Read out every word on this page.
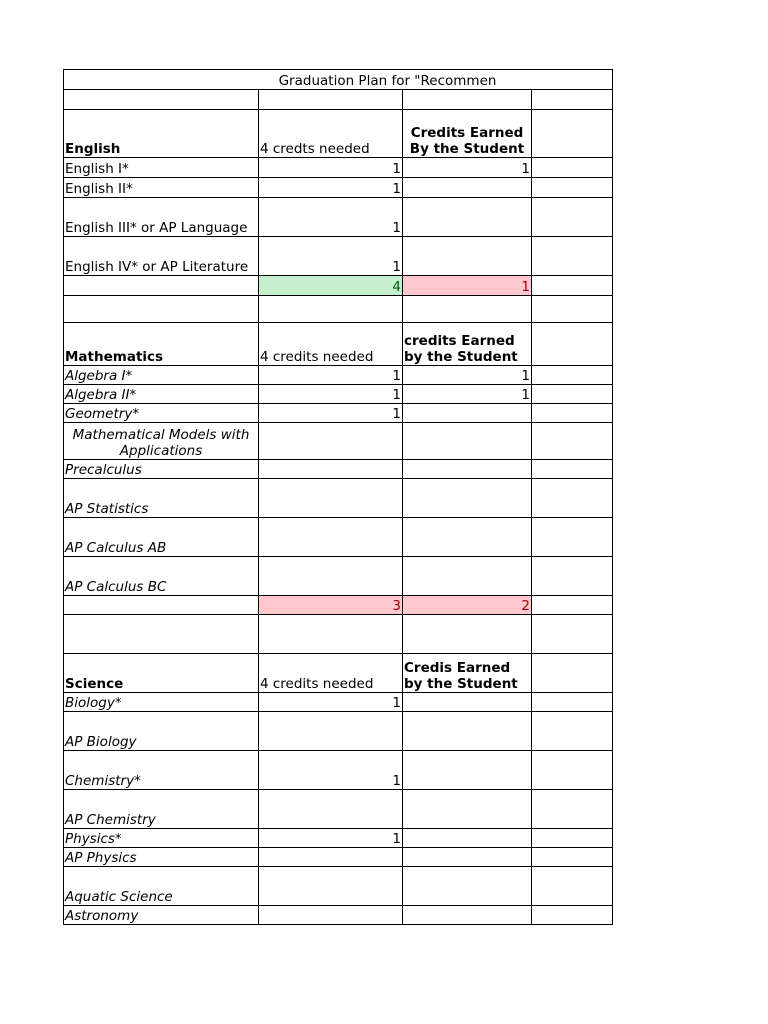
Graduation Plan for "Recommen			

English	4 credts needed	Credits Earned By the Student	
English I*	1	1	
English II*	1		
English III* or AP Language	1		
English IV* or AP Literature	1		
	4	1	

Mathematics	4 credits needed	credits Earned by the Student	
Algebra I*	1	1	
Algebra II*	1	1	
Geometry*	1		
Mathematical Models with Applications			
Precalculus			
AP Statistics			
AP Calculus AB			
AP Calculus BC			
	3	2	

Science	4 credits needed	Credis Earned by the Student	
Biology*	1		
AP Biology			
Chemistry*	1		
AP Chemistry			
Physics*	1		
AP Physics			
Aquatic Science			
Astronomy			
